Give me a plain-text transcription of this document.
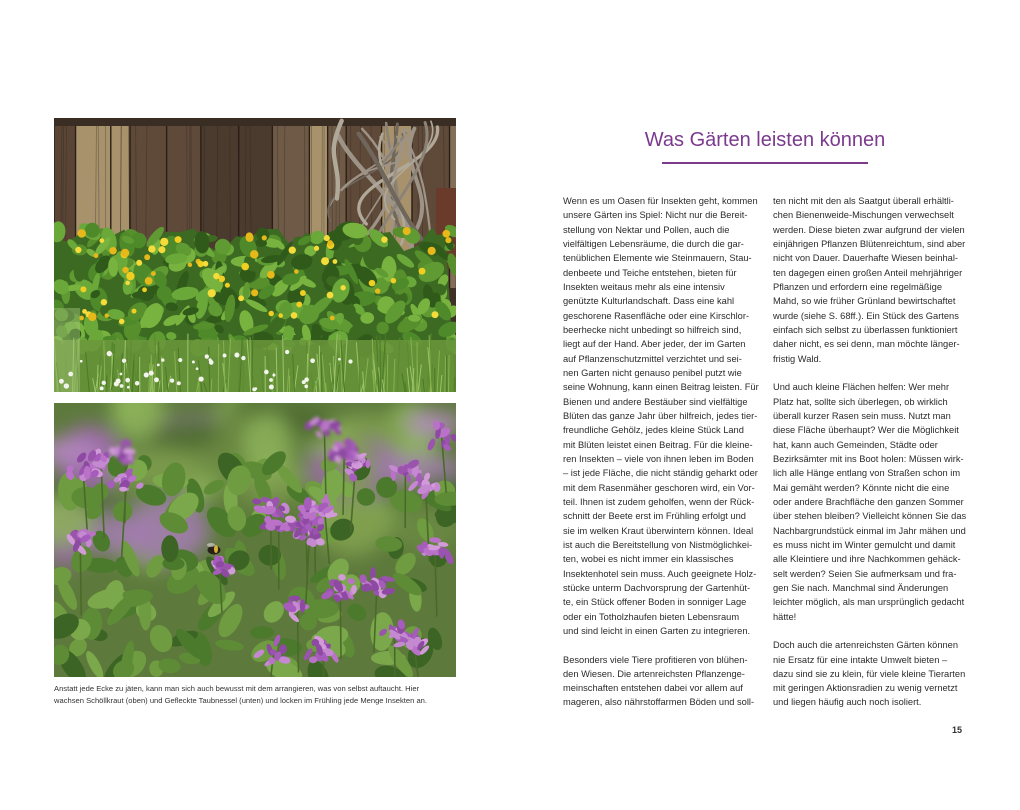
Anstatt jede Ecke zu jäten, kann man sich auch bewusst mit dem arrangieren, was von selbst auftaucht. Hier
wachsen Schöllkraut (oben) und Gefleckte Taubnessel (unten) und locken im Frühling jede Menge Insekten an.
Was Gärten leisten können
Wenn es um Oasen für Insekten geht, kommen
unsere Gärten ins Spiel: Nicht nur die Bereit-
stellung von Nektar und Pollen, auch die
vielfältigen Lebensräume, die durch die gar-
tenüblichen Elemente wie Steinmauern, Stau-
denbeete und Teiche entstehen, bieten für
Insekten weitaus mehr als eine intensiv
genützte Kulturlandschaft. Dass eine kahl
geschorene Rasenfläche oder eine Kirschlor-
beerhecke nicht unbedingt so hilfreich sind,
liegt auf der Hand. Aber jeder, der im Garten
auf Pflanzenschutzmittel verzichtet und sei-
nen Garten nicht genauso penibel putzt wie
seine Wohnung, kann einen Beitrag leisten. Für
Bienen und andere Bestäuber sind vielfältige
Blüten das ganze Jahr über hilfreich, jedes tier-
freundliche Gehölz, jedes kleine Stück Land
mit Blüten leistet einen Beitrag. Für die kleine-
ren Insekten – viele von ihnen leben im Boden
– ist jede Fläche, die nicht ständig geharkt oder
mit dem Rasenmäher geschoren wird, ein Vor-
teil. Ihnen ist zudem geholfen, wenn der Rück-
schnitt der Beete erst im Frühling erfolgt und
sie im welken Kraut überwintern können. Ideal
ist auch die Bereitstellung von Nistmöglichkei-
ten, wobei es nicht immer ein klassisches
Insektenhotel sein muss. Auch geeignete Holz-
stücke unterm Dachvorsprung der Gartenhüt-
te, ein Stück offener Boden in sonniger Lage
oder ein Totholzhaufen bieten Lebensraum
und sind leicht in einen Garten zu integrieren.
Besonders viele Tiere profitieren von blühen-
den Wiesen. Die artenreichsten Pflanzenge-
meinschaften entstehen dabei vor allem auf
mageren, also nährstoffarmen Böden und soll-
ten nicht mit den als Saatgut überall erhältli-
chen Bienenweide-Mischungen verwechselt
werden. Diese bieten zwar aufgrund der vielen
einjährigen Pflanzen Blütenreichtum, sind aber
nicht von Dauer. Dauerhafte Wiesen beinhal-
ten dagegen einen großen Anteil mehrjähriger
Pflanzen und erfordern eine regelmäßige
Mahd, so wie früher Grünland bewirtschaftet
wurde (siehe S. 68ff.). Ein Stück des Gartens
einfach sich selbst zu überlassen funktioniert
daher nicht, es sei denn, man möchte länger-
fristig Wald.
Und auch kleine Flächen helfen: Wer mehr
Platz hat, sollte sich überlegen, ob wirklich
überall kurzer Rasen sein muss. Nutzt man
diese Fläche überhaupt? Wer die Möglichkeit
hat, kann auch Gemeinden, Städte oder
Bezirksämter mit ins Boot holen: Müssen wirk-
lich alle Hänge entlang von Straßen schon im
Mai gemäht werden? Könnte nicht die eine
oder andere Brachfläche den ganzen Sommer
über stehen bleiben? Vielleicht können Sie das
Nachbargrundstück einmal im Jahr mähen und
es muss nicht im Winter gemulcht und damit
alle Kleintiere und ihre Nachkommen gehäck-
selt werden? Seien Sie aufmerksam und fra-
gen Sie nach. Manchmal sind Änderungen
leichter möglich, als man ursprünglich gedacht
hätte!
Doch auch die artenreichsten Gärten können
nie Ersatz für eine intakte Umwelt bieten –
dazu sind sie zu klein, für viele kleine Tierarten
mit geringen Aktionsradien zu wenig vernetzt
und liegen häufig auch noch isoliert.
15
